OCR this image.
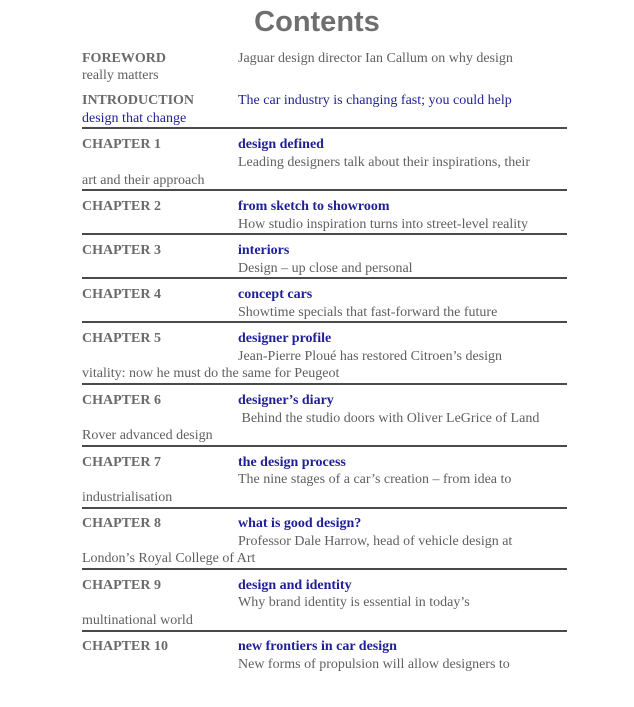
Contents
FOREWORD	Jaguar design director Ian Callum on why design
really matters
INTRODUCTION	The car industry is changing fast; you could help
design that change
CHAPTER 1	design defined
Leading designers talk about their inspirations, their
art and their approach
CHAPTER 2	from sketch to showroom
How studio inspiration turns into street-level reality
CHAPTER 3	interiors
Design – up close and personal
CHAPTER 4	concept cars
Showtime specials that fast-forward the future
CHAPTER 5	designer profile
Jean-Pierre Ploué has restored Citroen’s design
vitality: now he must do the same for Peugeot
CHAPTER 6	designer’s diary
Behind the studio doors with Oliver LeGrice of Land
Rover advanced design
CHAPTER 7	the design process
The nine stages of a car’s creation – from idea to
industrialisation
CHAPTER 8	what is good design?
Professor Dale Harrow, head of vehicle design at
London’s Royal College of Art
CHAPTER 9	design and identity
Why brand identity is essential in today’s
multinational world
CHAPTER 10	new frontiers in car design
New forms of propulsion will allow designers to
